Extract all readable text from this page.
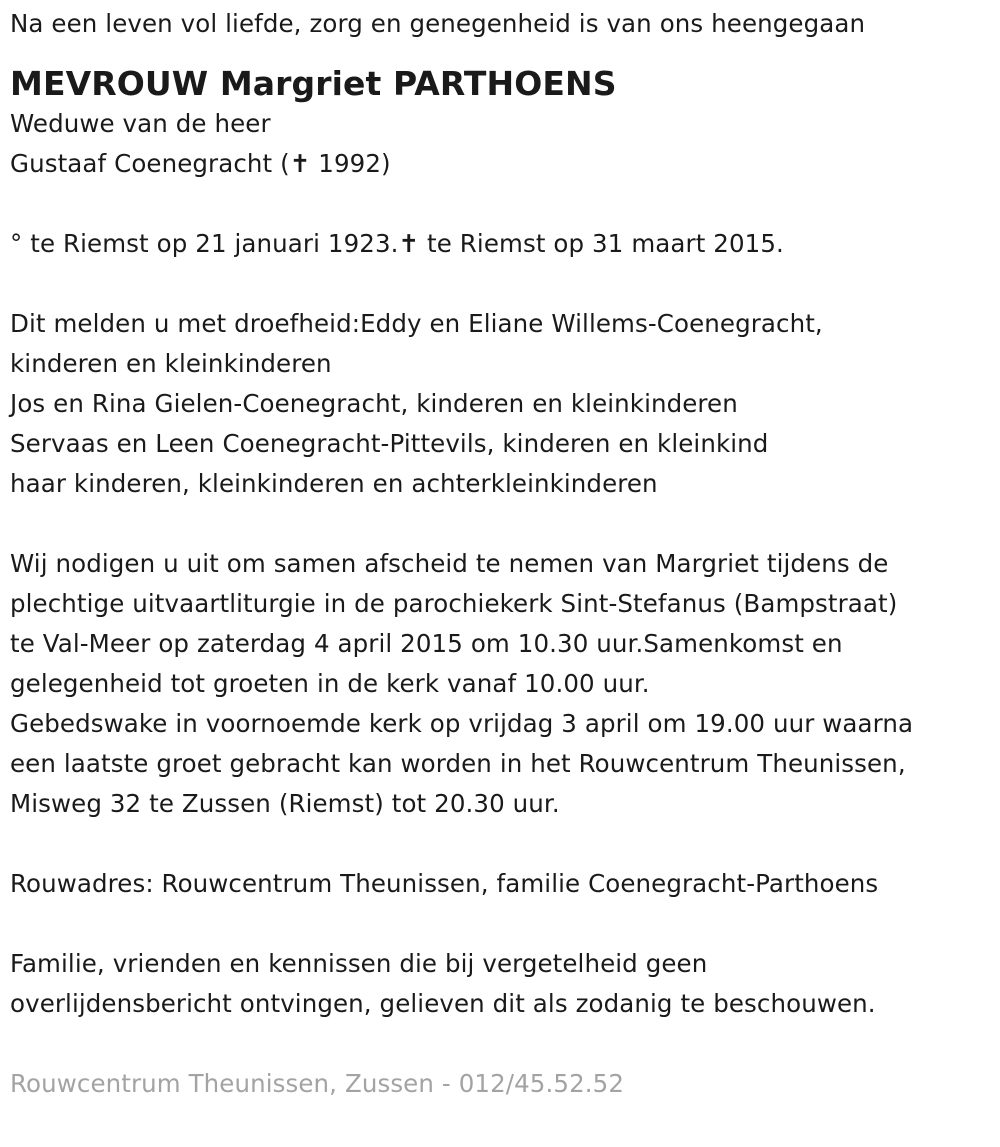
Na een leven vol liefde, zorg en genegenheid is van ons heengegaan
MEVROUW Margriet PARTHOENS
Weduwe van de heer
Gustaaf Coenegracht (✝ 1992)
° te Riemst op 21 januari 1923.✝ te Riemst op 31 maart 2015.
Dit melden u met droefheid:Eddy en Eliane Willems-Coenegracht,
kinderen en kleinkinderen
Jos en Rina Gielen-Coenegracht, kinderen en kleinkinderen
Servaas en Leen Coenegracht-Pittevils, kinderen en kleinkind
haar kinderen, kleinkinderen en achterkleinkinderen
Wij nodigen u uit om samen afscheid te nemen van Margriet tijdens de
plechtige uitvaartliturgie in de parochiekerk Sint-Stefanus (Bampstraat)
te Val-Meer op zaterdag 4 april 2015 om 10.30 uur.Samenkomst en
gelegenheid tot groeten in de kerk vanaf 10.00 uur.
Gebedswake in voornoemde kerk op vrijdag 3 april om 19.00 uur waarna
een laatste groet gebracht kan worden in het Rouwcentrum Theunissen,
Misweg 32 te Zussen (Riemst) tot 20.30 uur.
Rouwadres: Rouwcentrum Theunissen, familie Coenegracht-Parthoens
Familie, vrienden en kennissen die bij vergetelheid geen
overlijdensbericht ontvingen, gelieven dit als zodanig te beschouwen.
Rouwcentrum Theunissen, Zussen - 012/45.52.52
